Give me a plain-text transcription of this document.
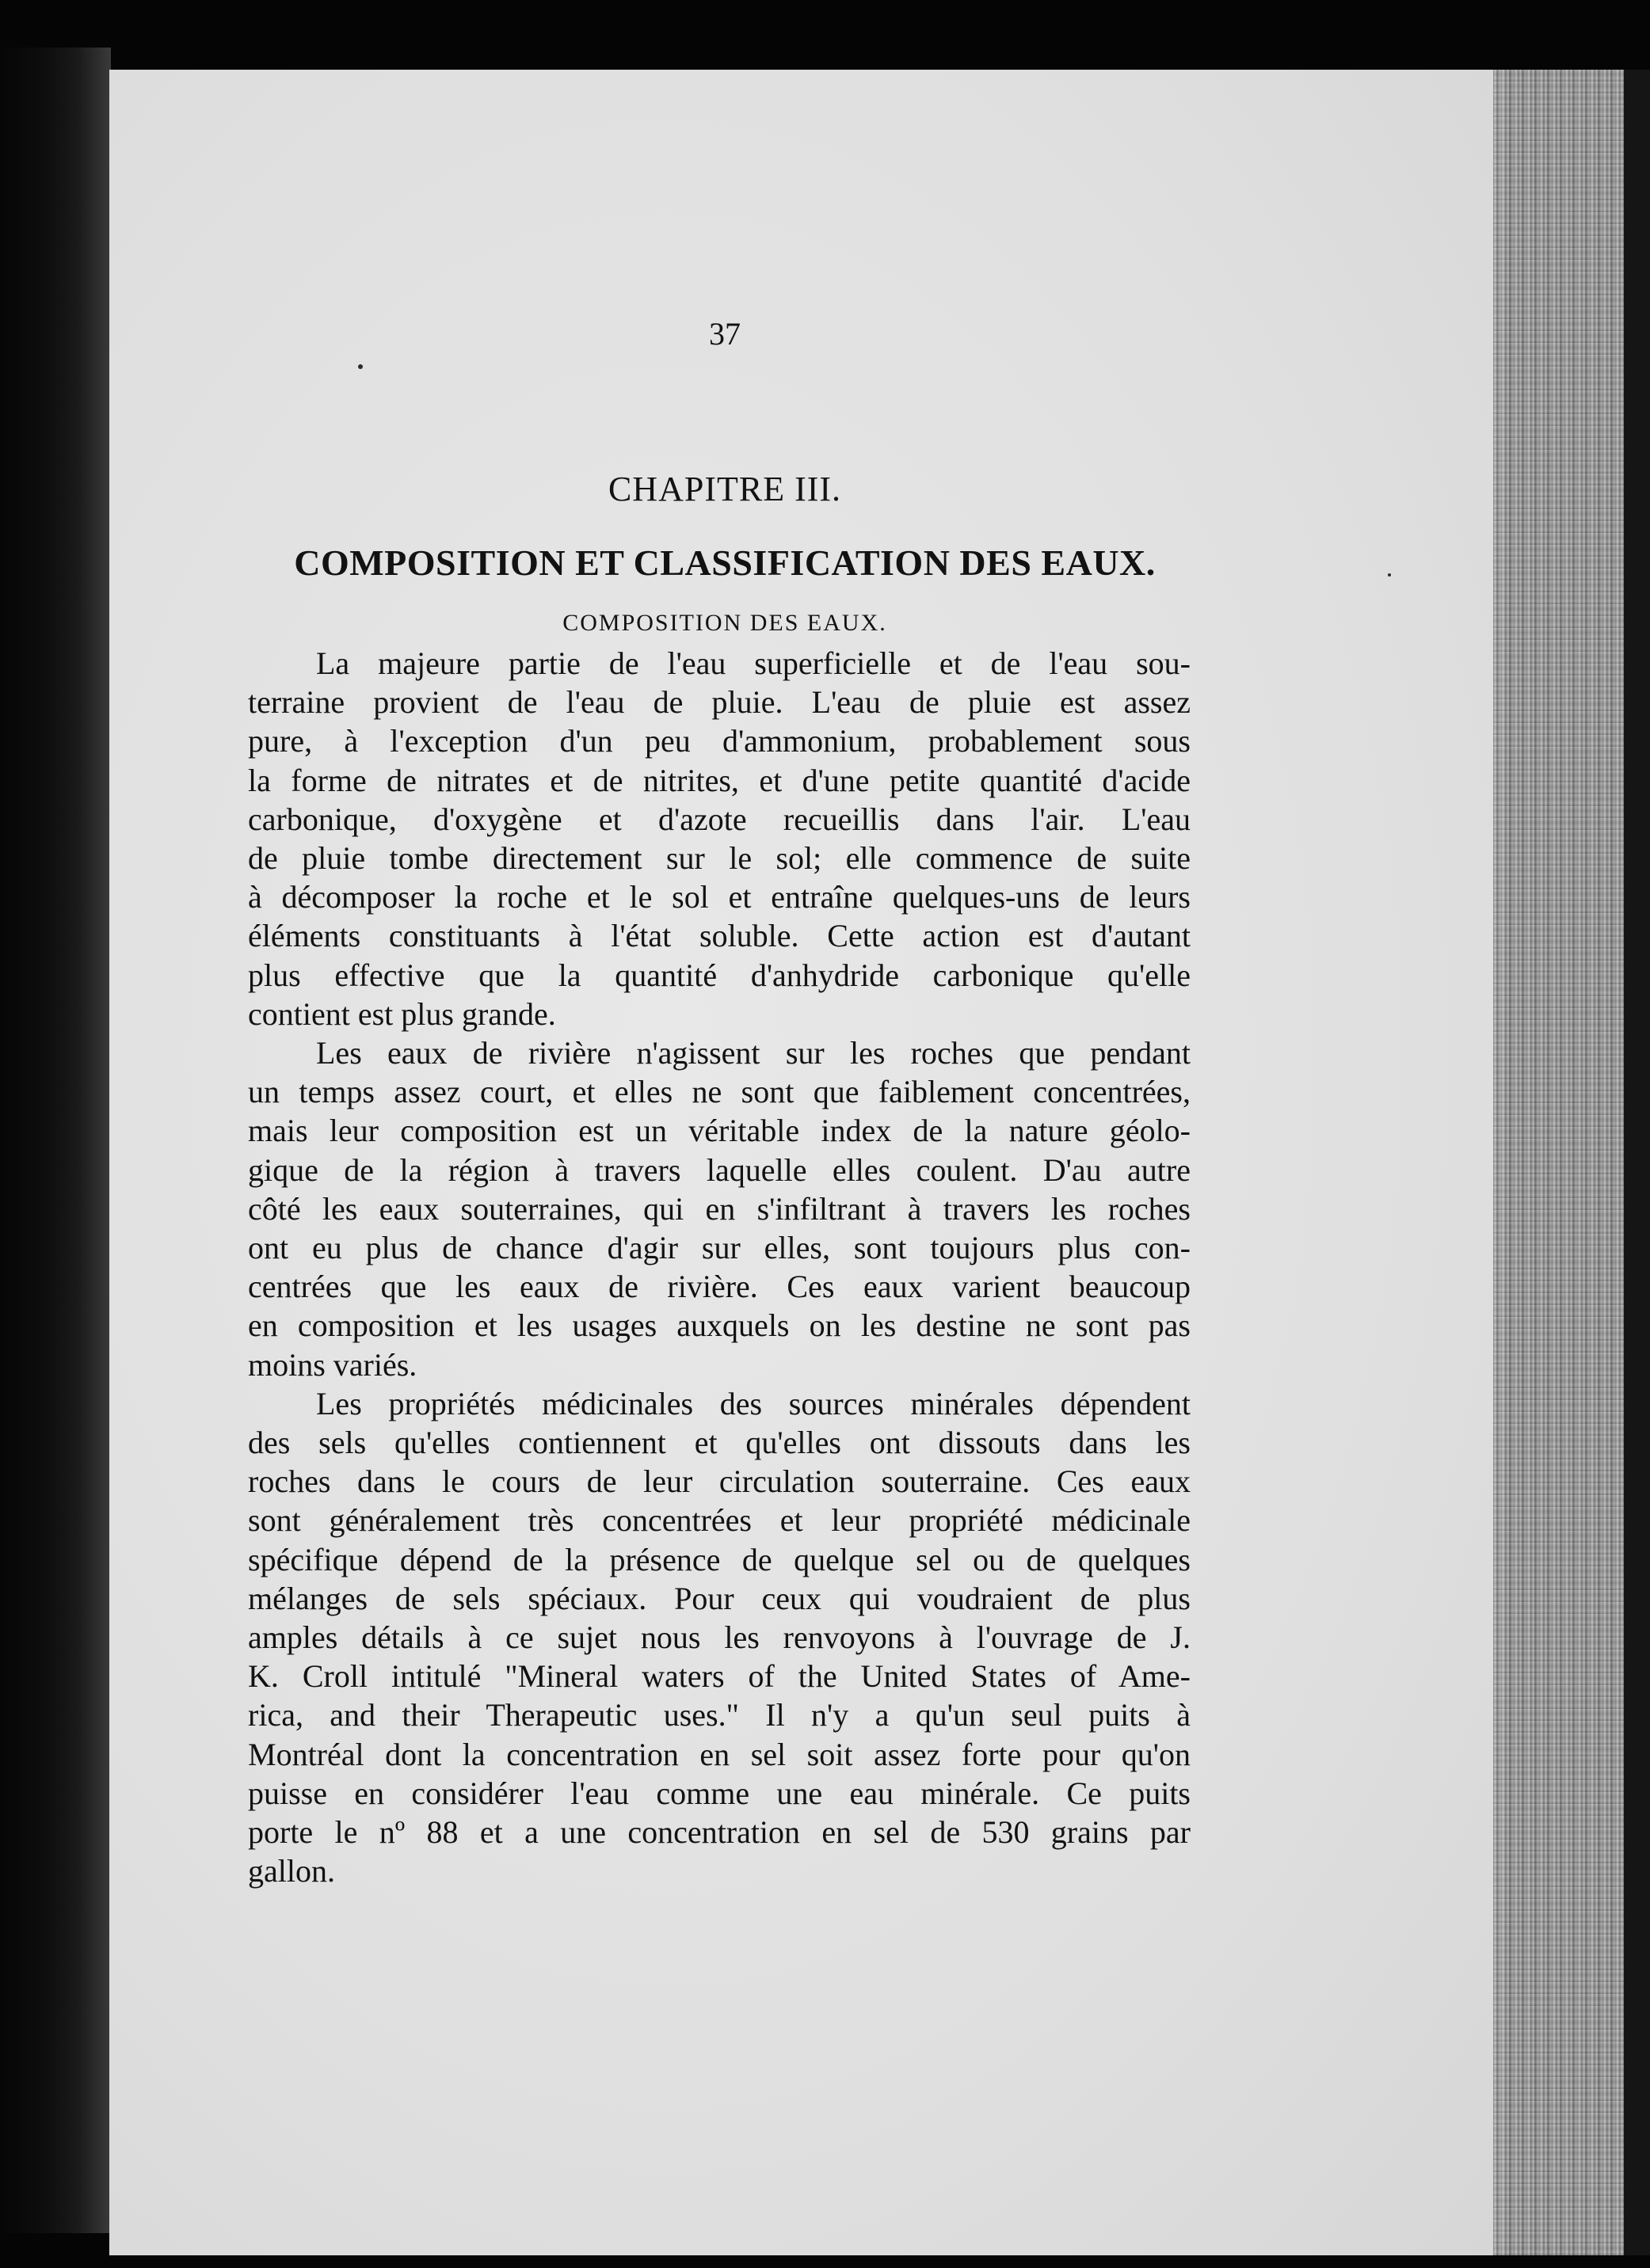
37
CHAPITRE III.
COMPOSITION ET CLASSIFICATION DES EAUX.
COMPOSITION DES EAUX.
La majeure partie de l'eau superficielle et de l'eau sou-
terraine provient de l'eau de pluie. L'eau de pluie est assez
pure, à l'exception d'un peu d'ammonium, probablement sous
la forme de nitrates et de nitrites, et d'une petite quantité d'acide
carbonique, d'oxygène et d'azote recueillis dans l'air. L'eau
de pluie tombe directement sur le sol; elle commence de suite
à décomposer la roche et le sol et entraîne quelques-uns de leurs
éléments constituants à l'état soluble. Cette action est d'autant
plus effective que la quantité d'anhydride carbonique qu'elle
contient est plus grande.
Les eaux de rivière n'agissent sur les roches que pendant
un temps assez court, et elles ne sont que faiblement concentrées,
mais leur composition est un véritable index de la nature géolo-
gique de la région à travers laquelle elles coulent. D'au autre
côté les eaux souterraines, qui en s'infiltrant à travers les roches
ont eu plus de chance d'agir sur elles, sont toujours plus con-
centrées que les eaux de rivière. Ces eaux varient beaucoup
en composition et les usages auxquels on les destine ne sont pas
moins variés.
Les propriétés médicinales des sources minérales dépendent
des sels qu'elles contiennent et qu'elles ont dissouts dans les
roches dans le cours de leur circulation souterraine. Ces eaux
sont généralement très concentrées et leur propriété médicinale
spécifique dépend de la présence de quelque sel ou de quelques
mélanges de sels spéciaux. Pour ceux qui voudraient de plus
amples détails à ce sujet nous les renvoyons à l'ouvrage de J.
K. Croll intitulé "Mineral waters of the United States of Ame-
rica, and their Therapeutic uses." Il n'y a qu'un seul puits à
Montréal dont la concentration en sel soit assez forte pour qu'on
puisse en considérer l'eau comme une eau minérale. Ce puits
porte le nº 88 et a une concentration en sel de 530 grains par
gallon.
